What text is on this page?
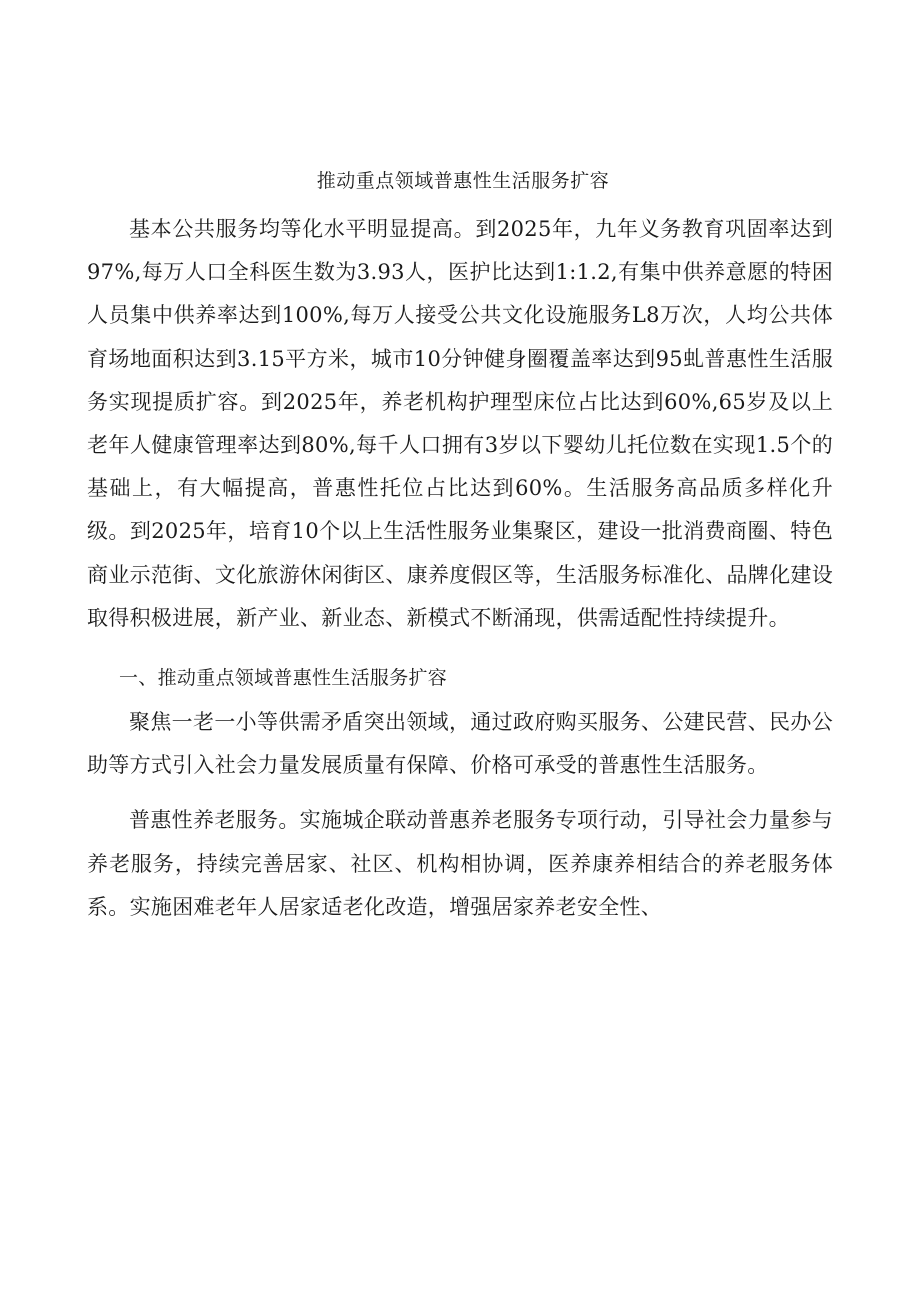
推动重点领域普惠性生活服务扩容

基本公共服务均等化水平明显提高。到2025年，九年义务教育巩固率达到97%,每万人口全科医生数为3.93人，医护比达到1:1.2,有集中供养意愿的特困人员集中供养率达到100%,每万人接受公共文化设施服务L8万次，人均公共体育场地面积达到3.15平方米，城市10分钟健身圈覆盖率达到95虬普惠性生活服务实现提质扩容。到2025年，养老机构护理型床位占比达到60%,65岁及以上老年人健康管理率达到80%,每千人口拥有3岁以下婴幼儿托位数在实现1.5个的基础上，有大幅提高，普惠性托位占比达到60%。生活服务高品质多样化升级。到2025年，培育10个以上生活性服务业集聚区，建设一批消费商圈、特色商业示范街、文化旅游休闲街区、康养度假区等，生活服务标准化、品牌化建设取得积极进展，新产业、新业态、新模式不断涌现，供需适配性持续提升。

一、推动重点领域普惠性生活服务扩容

聚焦一老一小等供需矛盾突出领域，通过政府购买服务、公建民营、民办公助等方式引入社会力量发展质量有保障、价格可承受的普惠性生活服务。

普惠性养老服务。实施城企联动普惠养老服务专项行动，引导社会力量参与养老服务，持续完善居家、社区、机构相协调，医养康养相结合的养老服务体系。实施困难老年人居家适老化改造，增强居家养老安全性、
